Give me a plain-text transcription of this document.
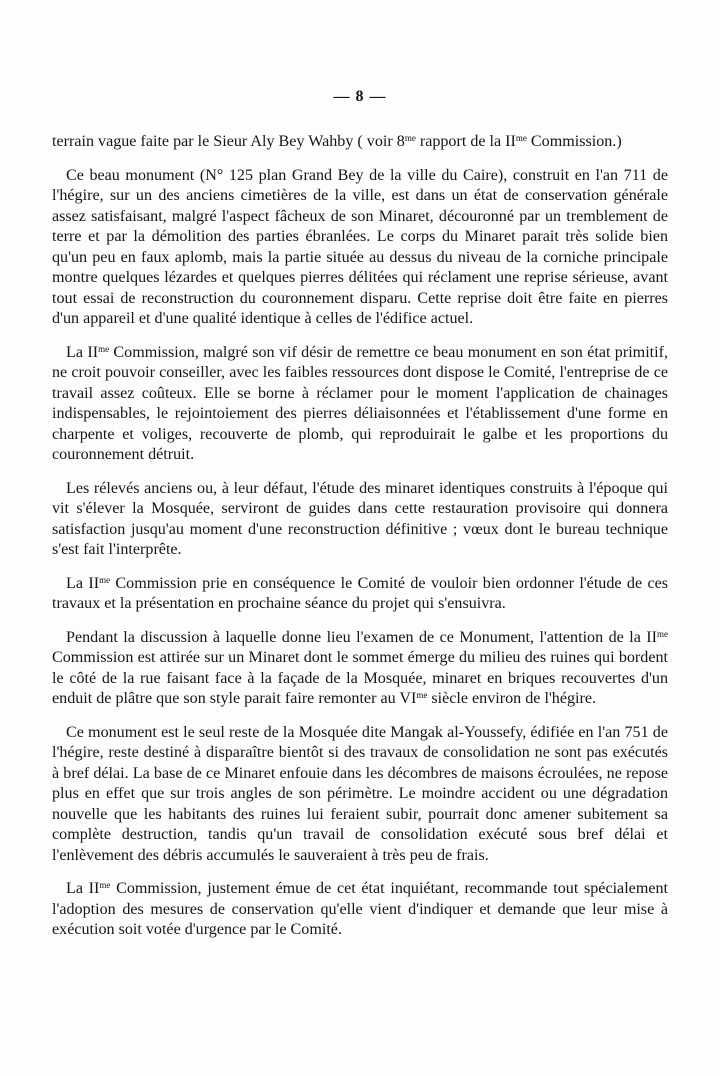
— 8 —

terrain vague faite par le Sieur Aly Bey Wahby ( voir $8^{me}$ rapport de la $II^{me}$ Commission.)

Ce beau monument (N° 125 plan Grand Bey de la ville du Caire), construit en l'an 711 de l'hégire, sur un des anciens cimetières de la ville, est dans un état de conservation générale assez satisfaisant, malgré l'aspect fâcheux de son Minaret, découronné par un tremblement de terre et par la démolition des parties ébranlées. Le corps du Minaret parait très solide bien qu'un peu en faux aplomb, mais la partie située au dessus du niveau de la corniche principale montre quelques lézardes et quelques pierres délitées qui réclament une reprise sérieuse, avant tout essai de reconstruction du couronnement disparu. Cette reprise doit être faite en pierres d'un appareil et d'une qualité identique à celles de l'édifice actuel.

La $II^{me}$ Commission, malgré son vif désir de remettre ce beau monument en son état primitif, ne croit pouvoir conseiller, avec les faibles ressources dont dispose le Comité, l'entreprise de ce travail assez coûteux. Elle se borne à réclamer pour le moment l'application de chainages indispensables, le rejointoiement des pierres déliaisonnées et l'établissement d'une forme en charpente et voliges, recouverte de plomb, qui reproduirait le galbe et les proportions du couronnement détruit.

Les rélevés anciens ou, à leur défaut, l'étude des minaret identiques construits à l'époque qui vit s'élever la Mosquée, serviront de guides dans cette restauration provisoire qui donnera satisfaction jusqu'au moment d'une reconstruction définitive ; vœux dont le bureau technique s'est fait l'interprête.

La $II^{me}$ Commission prie en conséquence le Comité de vouloir bien ordonner l'étude de ces travaux et la présentation en prochaine séance du projet qui s'ensuivra.

Pendant la discussion à laquelle donne lieu l'examen de ce Monument, l'attention de la $II^{me}$ Commission est attirée sur un Minaret dont le sommet émerge du milieu des ruines qui bordent le côté de la rue faisant face à la façade de la Mosquée, minaret en briques recouvertes d'un enduit de plâtre que son style parait faire remonter au $VI^{me}$ siècle environ de l'hégire.

Ce monument est le seul reste de la Mosquée dite Mangak al-Youssefy, édifiée en l'an 751 de l'hégire, reste destiné à disparaître bientôt si des travaux de consolidation ne sont pas exécutés à bref délai. La base de ce Minaret enfouie dans les décombres de maisons écroulées, ne repose plus en effet que sur trois angles de son périmètre. Le moindre accident ou une dégradation nouvelle que les habitants des ruines lui feraient subir, pourrait donc amener subitement sa complète destruction, tandis qu'un travail de consolidation exécuté sous bref délai et l'enlèvement des débris accumulés le sauveraient à très peu de frais.

La $II^{me}$ Commission, justement émue de cet état inquiétant, recommande tout spécialement l'adoption des mesures de conservation qu'elle vient d'indiquer et demande que leur mise à exécution soit votée d'urgence par le Comité.
